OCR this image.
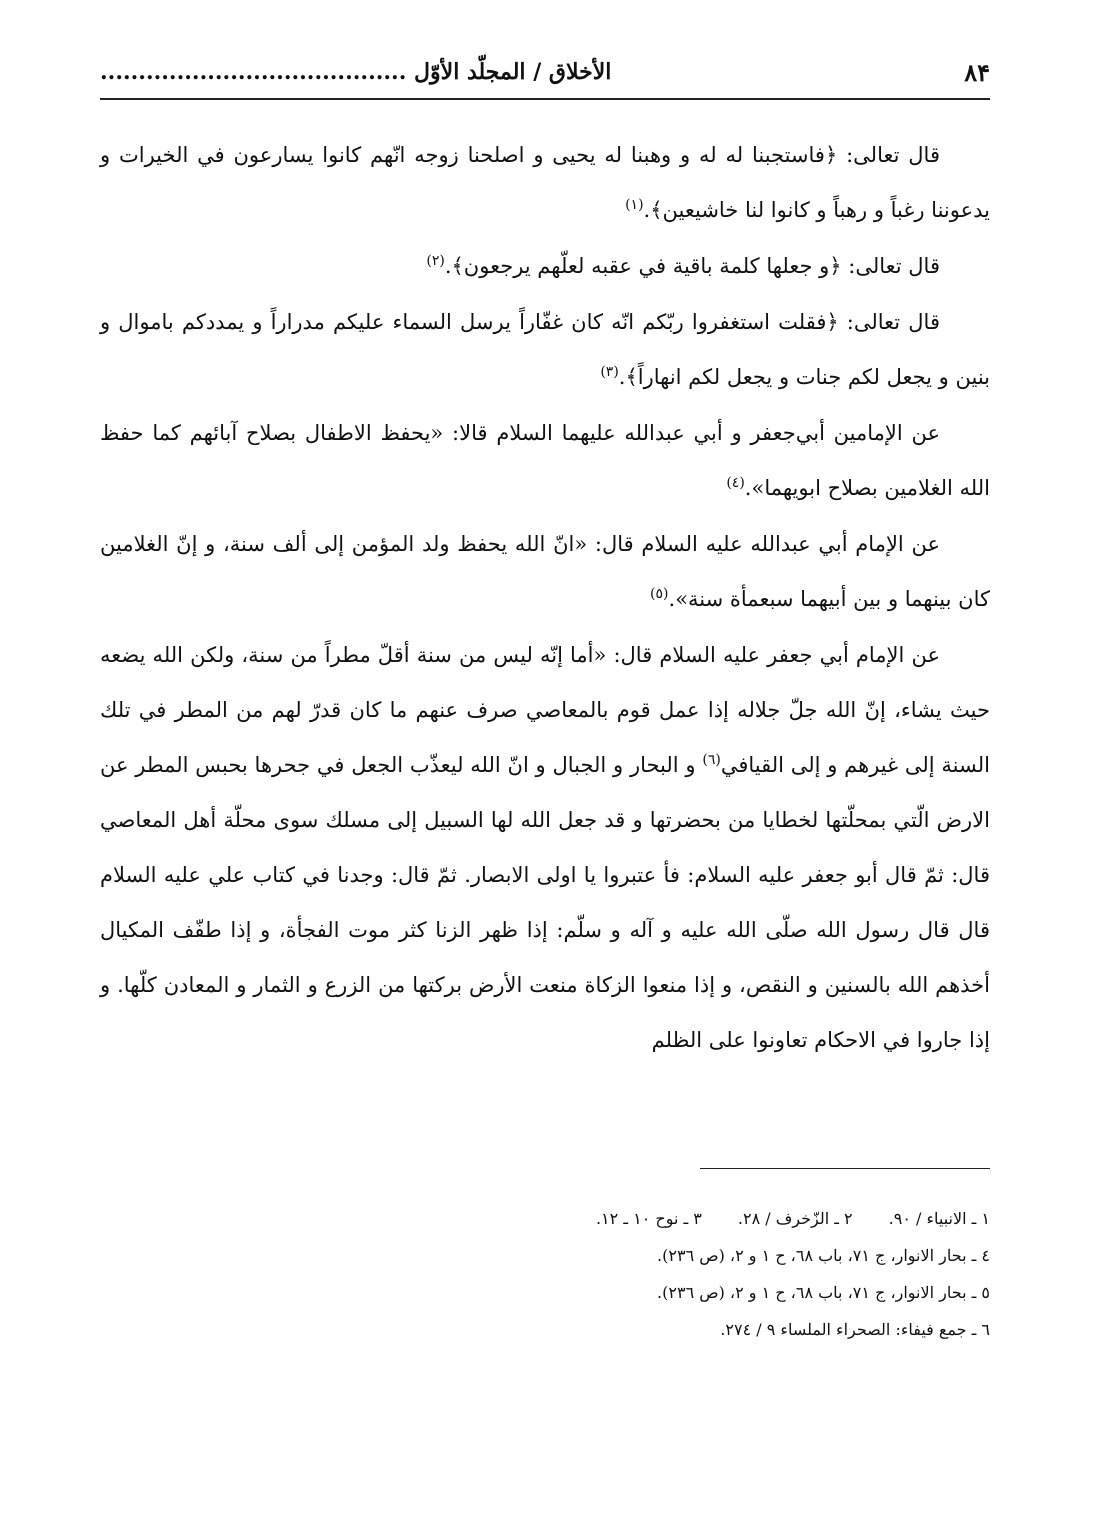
٨۴
الأخلاق / المجلّد الأوّل ........................................

قال تعالى: ﴿فاستجبنا له له و وهبنا له يحيى و اصلحنا زوجه انّهم كانوا يسارعون في الخيرات و يدعوننا رغباً و رهباً و كانوا لنا خاشيعين﴾.$^{(١)}$

قال تعالى: ﴿و جعلها كلمة باقية في عقبه لعلّهم يرجعون﴾.$^{(٢)}$

قال تعالى: ﴿فقلت استغفروا ربّكم انّه كان غفّاراً يرسل السماء عليكم مدراراً و يمددكم باموال و بنين و يجعل لكم جنات و يجعل لكم انهاراً﴾.$^{(٣)}$

عن الإمامين أبي‌جعفر و أبي عبدالله عليهما السلام قالا: «يحفظ الاطفال بصلاح آبائهم كما حفظ الله الغلامين بصلاح ابويهما».$^{(٤)}$

عن الإمام أبي عبدالله عليه السلام قال: «انّ الله يحفظ ولد المؤمن إلى ألف سنة، و إنّ الغلامين كان بينهما و بين أبيهما سبعمأة سنة».$^{(٥)}$

عن الإمام أبي جعفر عليه السلام قال: «أما إنّه ليس من سنة أقلّ مطراً من سنة، ولكن الله يضعه حيث يشاء، إنّ الله جلّ جلاله إذا عمل قوم بالمعاصي صرف عنهم ما كان قدرّ لهم من المطر في تلك السنة إلى غيرهم و إلى القيافي$^{(٦)}$ و البحار و الجبال و انّ الله ليعذّب الجعل في جحرها بحبس المطر عن الارض الّتي بمحلّتها لخطايا من بحضرتها و قد جعل الله لها السبيل إلى مسلك سوى محلّة أهل المعاصي قال: ثمّ قال أبو جعفر عليه السلام: فأ عتبروا يا اولى الابصار. ثمّ قال: وجدنا في كتاب علي عليه السلام قال قال رسول الله صلّى الله عليه و آله و سلّم: إذا ظهر الزنا كثر موت الفجأة، و إذا طفّف المكيال أخذهم الله بالسنين و النقص، و إذا منعوا الزكاة منعت الأرض بركتها من الزرع و الثمار و المعادن كلّها. و إذا جاروا في الاحكام تعاونوا على الظلم

١ ـ الانبياء / ٩٠.
٢ ـ الزّخرف / ٢٨.
٣ ـ نوح ١٠ ـ ١٢.
٤ ـ بحار الانوار، ج ٧١، باب ٦٨، ح ١ و ٢، (ص ٢٣٦).
٥ ـ بحار الانوار، ج ٧١، باب ٦٨، ح ١ و ٢، (ص ٢٣٦).
٦ ـ جمع فيفاء: الصحراء الملساء ٩ / ٢٧٤.
